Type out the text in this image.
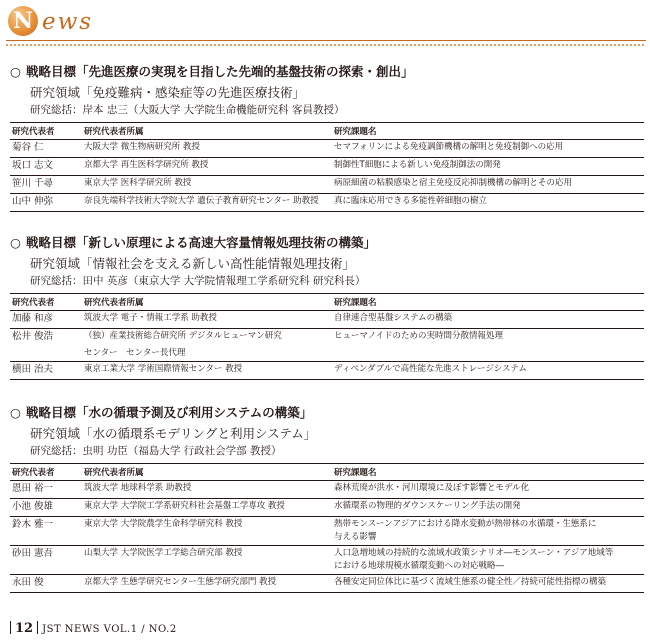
N ews
○ 戦略目標「先進医療の実現を目指した先端的基盤技術の探索・創出」
研究領域「免疫難病・感染症等の先進医療技術」
研究総括：岸本 忠三（大阪大学 大学院生命機能研究科 客員教授）
研究代表者	研究代表者所属	研究課題名
菊谷 仁	大阪大学 微生物病研究所 教授	セマフォリンによる免疫調節機構の解明と免疫制御への応用
坂口 志文	京都大学 再生医科学研究所 教授	制御性T細胞による新しい免疫制御法の開発
笹川 千尋	東京大学 医科学研究所 教授	病原細菌の粘膜感染と宿主免疫反応抑制機構の解明とその応用
山中 伸弥	奈良先端科学技術大学院大学 遺伝子教育研究センター 助教授	真に臨床応用できる多能性幹細胞の樹立
○ 戦略目標「新しい原理による高速大容量情報処理技術の構築」
研究領域「情報社会を支える新しい高性能情報処理技術」
研究総括：田中 英彦（東京大学 大学院情報理工学系研究科 研究科長）
研究代表者	研究代表者所属	研究課題名
加藤 和彦	筑波大学 電子・情報工学系 助教授	自律連合型基盤システムの構築
松井 俊浩	（独）産業技術総合研究所 デジタルヒューマン研究
センター　センター長代理	ヒューマノイドのための実時間分散情報処理
横田 治夫	東京工業大学 学術国際情報センター 教授	ディペンダブルで高性能な先進ストレージシステム
○ 戦略目標「水の循環予測及び利用システムの構築」
研究領域「水の循環系モデリングと利用システム」
研究総括：虫明 功臣（福島大学 行政社会学部 教授）
研究代表者	研究代表者所属	研究課題名
恩田 裕一	筑波大学 地球科学系 助教授	森林荒廃が洪水・河川環境に及ぼす影響とモデル化
小池 俊雄	東京大学 大学院工学系研究科社会基盤工学専攻 教授	水循環系の物理的ダウンスケーリング手法の開発
鈴木 雅一	東京大学 大学院農学生命科学研究科 教授	熱帯モンスーンアジアにおける降水変動が熱帯林の水循環・生態系に
与える影響

砂田 憲吾	山梨大学 大学院医学工学総合研究部 教授	人口急増地域の持続的な流域水政策シナリオ―モンスーン・アジア地域等
における地球規模水循環変動への対応戦略―

永田 俊	京都大学 生態学研究センター生態学研究部門 教授	各種安定同位体比に基づく流域生態系の健全性／持続可能性指標の構築
12 JST NEWS VOL.1 / NO.2
